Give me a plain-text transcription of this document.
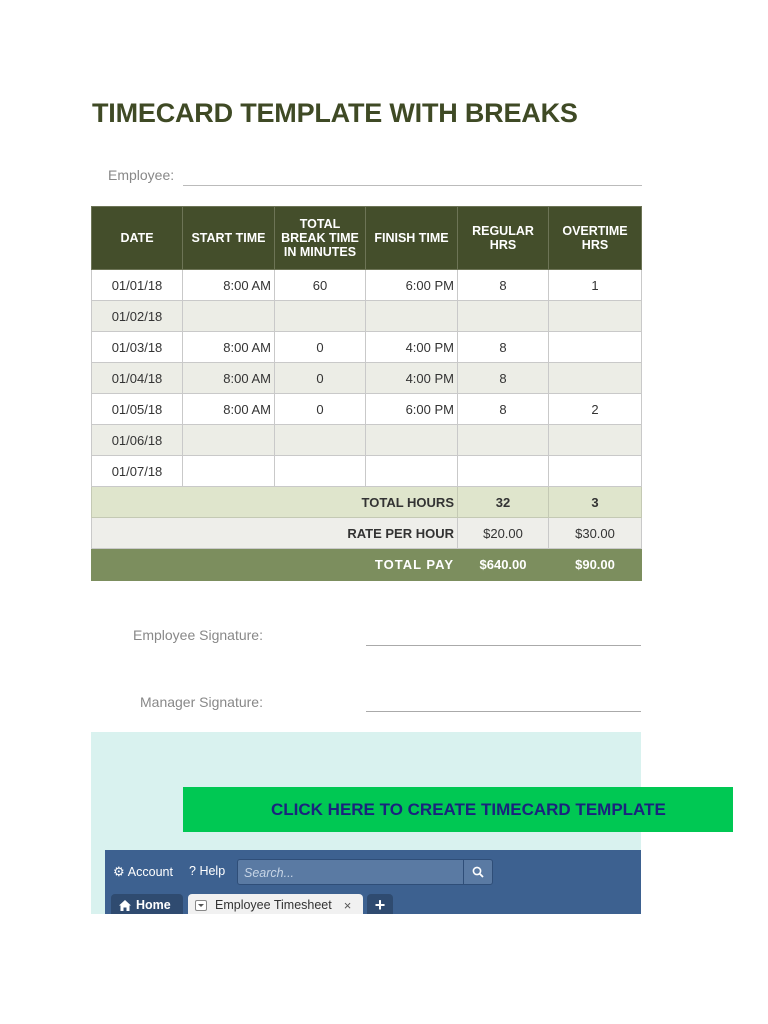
TIMECARD TEMPLATE WITH BREAKS
Employee:
DATE	START TIME	TOTAL BREAK TIME IN MINUTES	FINISH TIME	REGULAR HRS	OVERTIME HRS
01/01/18	8:00 AM	60	6:00 PM	8	1
01/02/18					
01/03/18	8:00 AM	0	4:00 PM	8	
01/04/18	8:00 AM	0	4:00 PM	8	
01/05/18	8:00 AM	0	6:00 PM	8	2
01/06/18					
01/07/18					
TOTAL HOURS				32	3
RATE PER HOUR				$20.00	$30.00
TOTAL PAY				$640.00	$90.00
Employee Signature:
Manager Signature:
CLICK HERE TO CREATE TIMECARD TEMPLATE
⚙ Account ? Help
Search...
Home	Employee Timesheet × +
